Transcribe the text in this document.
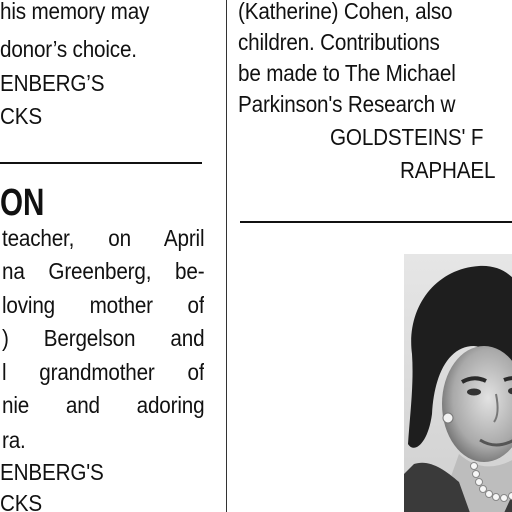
his memory may
donor’s choice.
ENBERG’S
CKS
ON
teacher, on April
na Greenberg, be-
loving mother of
) Bergelson and
l grandmother of
nie and adoring
ra.
ENBERG'S
CKS
(Katherine) Cohen, also
children. Contributions
be made to The Michael
Parkinson's Research w
GOLDSTEINS' F
RAPHAEL
